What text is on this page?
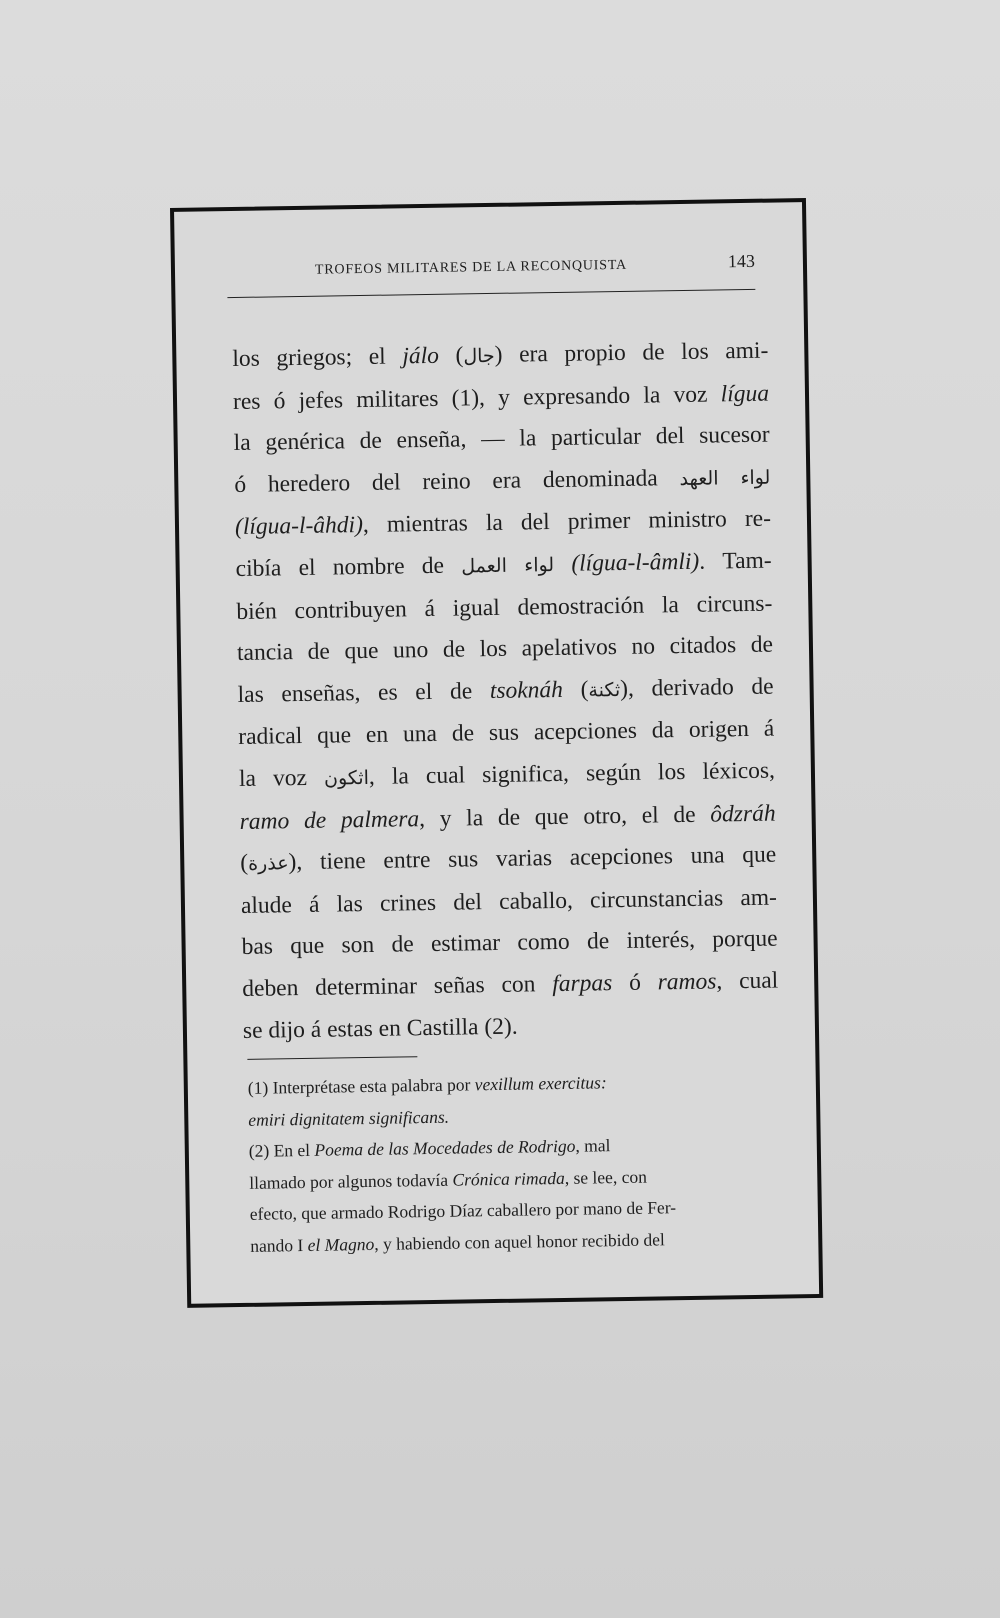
TROFEOS MILITARES DE LA RECONQUISTA	143
los griegos; el jálo (جال) era propio de los ami-
res ó jefes militares (1), y expresando la voz lígua
la genérica de enseña, — la particular del sucesor
ó heredero del reino era denominada لواء العهد
(lígua-l-âhdi), mientras la del primer ministro re-
cibía el nombre de لواء العمل (lígua-l-âmli). Tam-
bién contribuyen á igual demostración la circuns-
tancia de que uno de los apelativos no citados de
las enseñas, es el de tsoknáh (ثكنة), derivado de
radical que en una de sus acepciones da origen á
la voz اثكون, la cual significa, según los léxicos,
ramo de palmera, y la de que otro, el de ôdzráh
(عذرة), tiene entre sus varias acepciones una que
alude á las crines del caballo, circunstancias am-
bas que son de estimar como de interés, porque
deben determinar señas con farpas ó ramos, cual
se dijo á estas en Castilla (2).
(1) Interprétase esta palabra por vexillum exercitus:
emiri dignitatem significans.
(2) En el Poema de las Mocedades de Rodrigo, mal
llamado por algunos todavía Crónica rimada, se lee, con
efecto, que armado Rodrigo Díaz caballero por mano de Fer-
nando I el Magno, y habiendo con aquel honor recibido del
